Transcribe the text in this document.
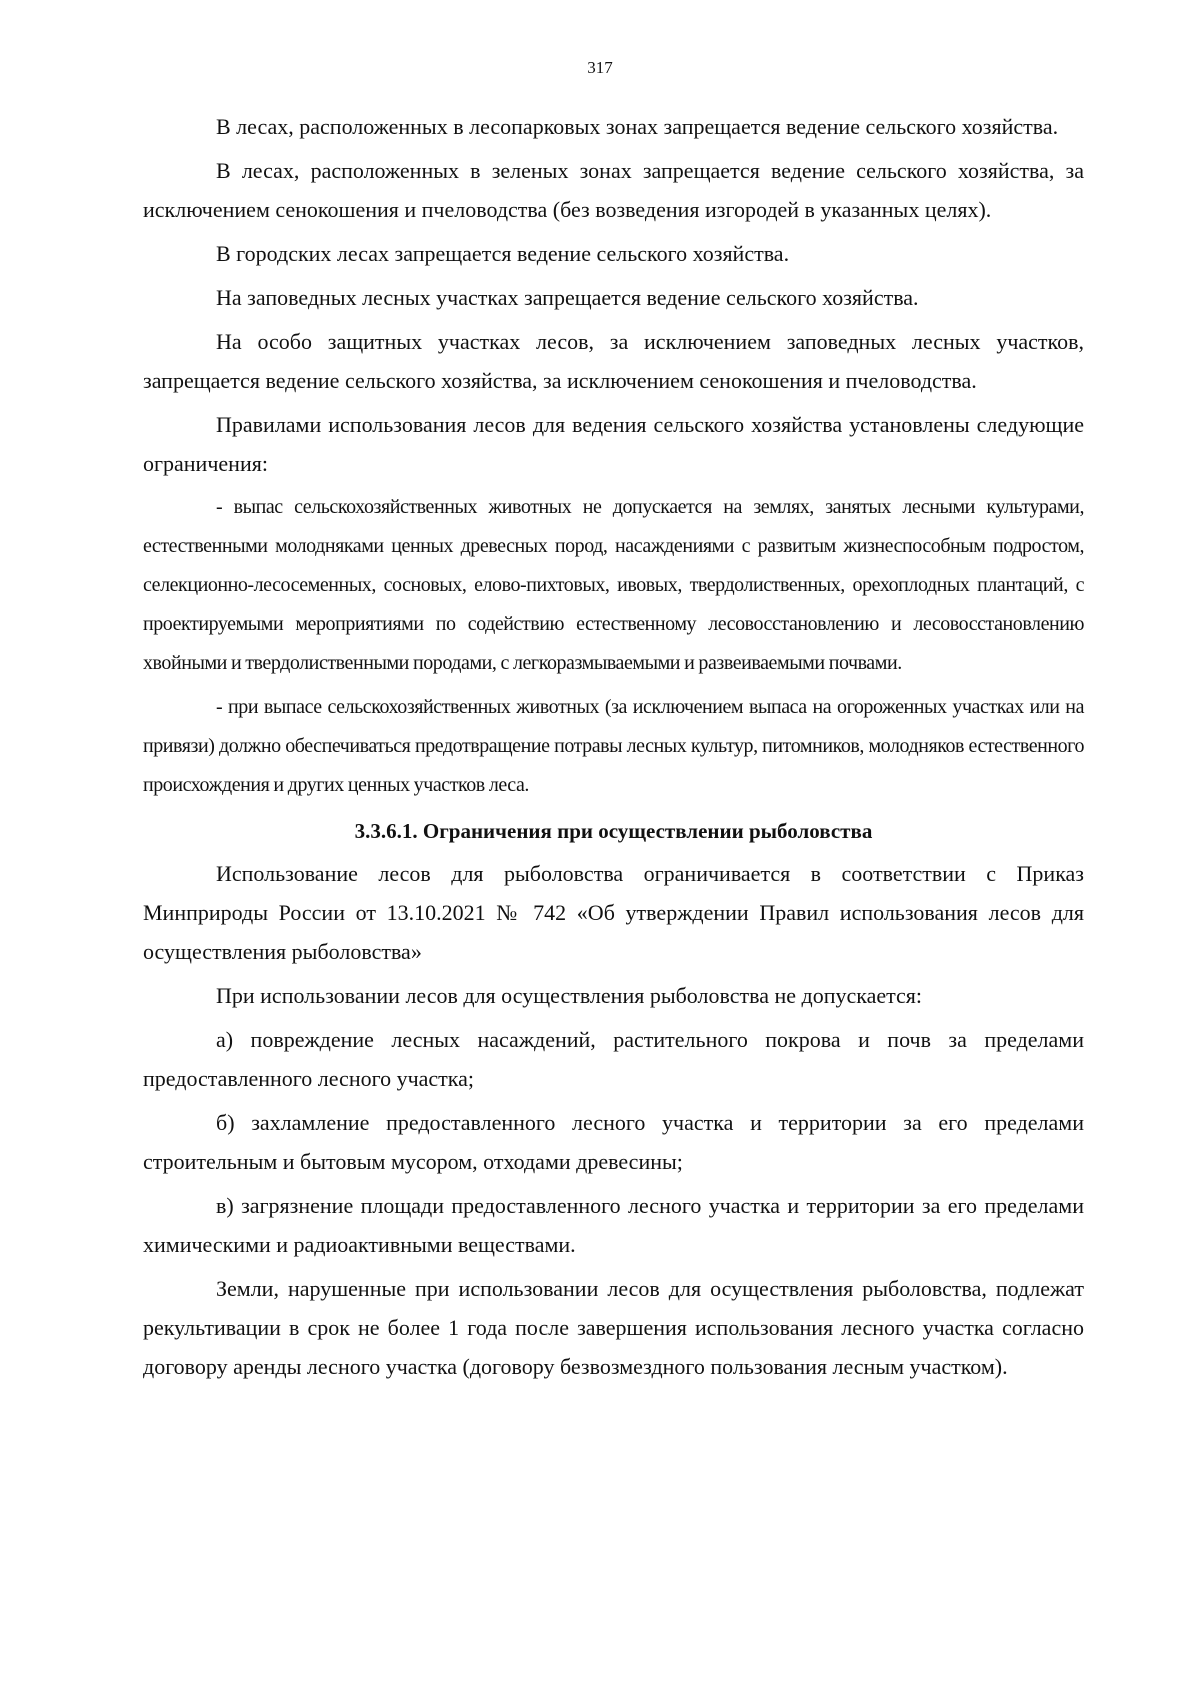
317

В лесах, расположенных в лесопарковых зонах запрещается ведение сельского хозяйства.

В лесах, расположенных в зеленых зонах запрещается ведение сельского хозяйства, за исключением сенокошения и пчеловодства (без возведения изгородей в указанных целях).

В городских лесах запрещается ведение сельского хозяйства.

На заповедных лесных участках запрещается ведение сельского хозяйства.

На особо защитных участках лесов, за исключением заповедных лесных участков, запрещается ведение сельского хозяйства, за исключением сенокошения и пчеловодства.

Правилами использования лесов для ведения сельского хозяйства установлены следующие ограничения:

- выпас сельскохозяйственных животных не допускается на землях, занятых лесными культурами, естественными молодняками ценных древесных пород, насаждениями с развитым жизнеспособным подростом, селекционно-лесосеменных, сосновых, елово-пихтовых, ивовых, твердолиственных, орехоплодных плантаций, с проектируемыми мероприятиями по содействию естественному лесовосстановлению и лесовосстановлению хвойными и твердолиственными породами, с легкоразмываемыми и развеиваемыми почвами.

- при выпасе сельскохозяйственных животных (за исключением выпаса на огороженных участках или на привязи) должно обеспечиваться предотвращение потравы лесных культур, питомников, молодняков естественного происхождения и других ценных участков леса.

3.3.6.1. Ограничения при осуществлении рыболовства

Использование лесов для рыболовства ограничивается в соответствии с Приказ Минприроды России от 13.10.2021 № 742 «Об утверждении Правил использования лесов для осуществления рыболовства»

При использовании лесов для осуществления рыболовства не допускается:

а) повреждение лесных насаждений, растительного покрова и почв за пределами предоставленного лесного участка;

б) захламление предоставленного лесного участка и территории за его пределами строительным и бытовым мусором, отходами древесины;

в) загрязнение площади предоставленного лесного участка и территории за его пределами химическими и радиоактивными веществами.

Земли, нарушенные при использовании лесов для осуществления рыболовства, подлежат рекультивации в срок не более 1 года после завершения использования лесного участка согласно договору аренды лесного участка (договору безвозмездного пользования лесным участком).
